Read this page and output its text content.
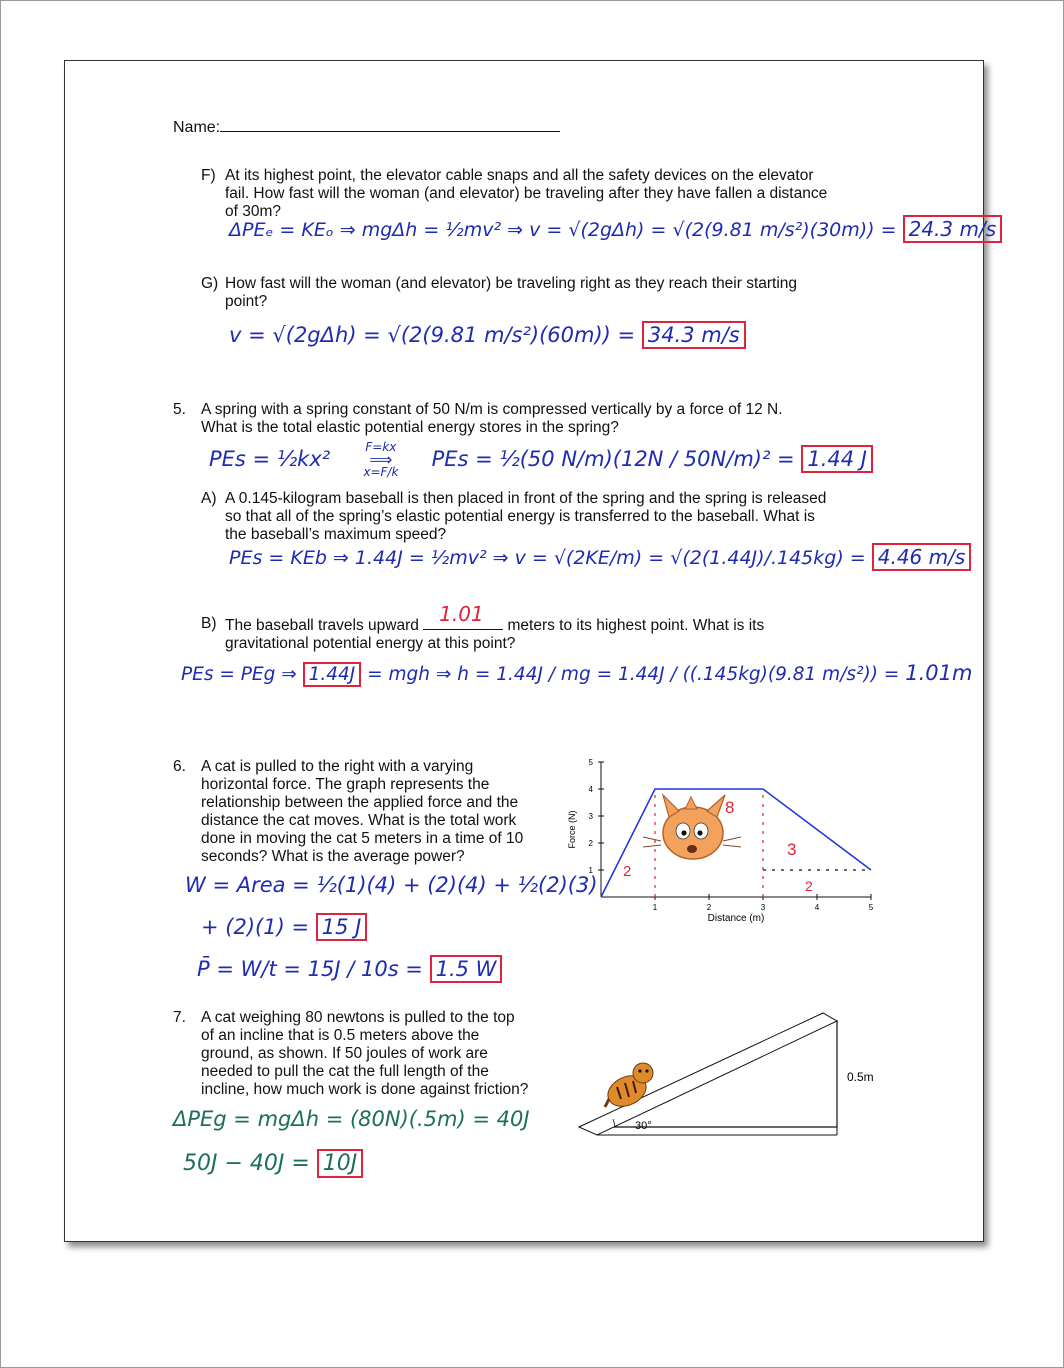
Name:
F) At its highest point, the elevator cable snaps and all the safety devices on the elevator
fail. How fast will the woman (and elevator) be traveling after they have fallen a distance
of 30m?
ΔPEₑ = KEₒ ⇒ mgΔh = ½mv² ⇒ v = √(2gΔh) = √(2(9.81 m/s²)(30m)) = 24.3 m/s
G) How fast will the woman (and elevator) be traveling right as they reach their starting
point?
v = √(2gΔh) = √(2(9.81 m/s²)(60m)) = 34.3 m/s
5. A spring with a spring constant of 50 N/m is compressed vertically by a force of 12 N.
What is the total elastic potential energy stores in the spring?
PEs = ½kx²	F=kx
⟹
x=F/k
PEs = ½(50 N/m)(12N / 50N/m)² = 1.44 J
A) A 0.145-kilogram baseball is then placed in front of the spring and the spring is released
so that all of the spring’s elastic potential energy is transferred to the baseball. What is
the baseball’s maximum speed?
PEs = KEb ⇒ 1.44J = ½mv² ⇒ v = √(2KE/m) = √(2(1.44J)/.145kg) = 4.46 m/s
B) The baseball travels upward 1.01 meters to its highest point. What is its
gravitational potential energy at this point?
PEs = PEg ⇒ 1.44J = mgh ⇒ h = 1.44J / mg = 1.44J / ((.145kg)(9.81 m/s²)) = 1.01m
6. A cat is pulled to the right with a varying
horizontal force. The graph represents the
relationship between the applied force and the
distance the cat moves. What is the total work
done in moving the cat 5 meters in a time of 10
seconds? What is the average power?
W = Area = ½(1)(4) + (2)(4) + ½(2)(3)
+ (2)(1) = 15 J
P̄ = W/t = 15J / 10s = 1.5 W
1	2	3	4	5
1
2
3
4
5
Distance (m)
Force (N)
2
8
3
2
7. A cat weighing 80 newtons is pulled to the top
of an incline that is 0.5 meters above the
ground, as shown. If 50 joules of work are
needed to pull the cat the full length of the
incline, how much work is done against friction?
ΔPEg = mgΔh = (80N)(.5m) = 40J
50J − 40J = 10J
30°
0.5m
